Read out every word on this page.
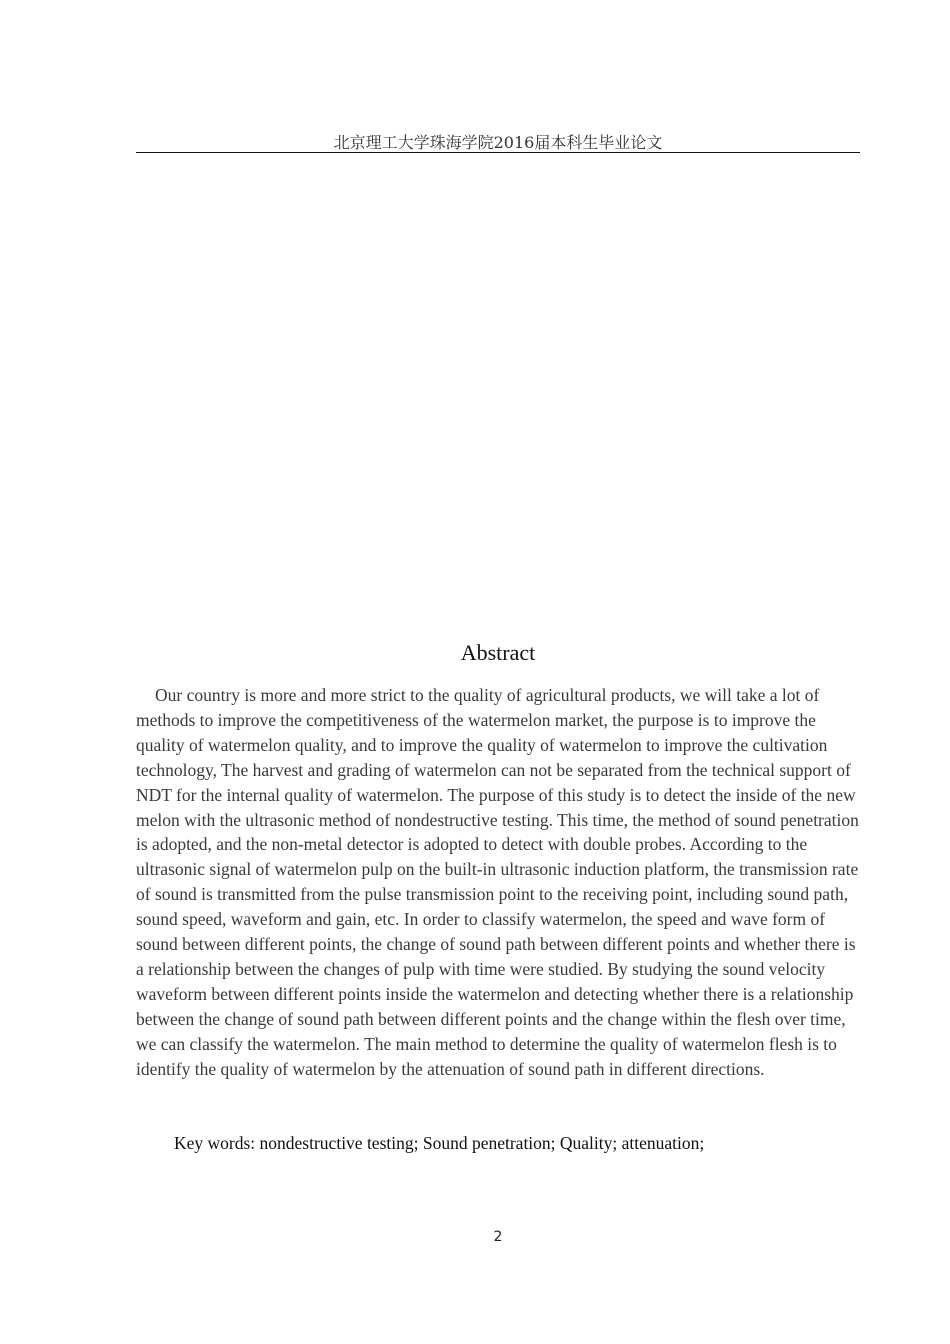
北京理工大学珠海学院2016届本科生毕业论文
Abstract

Our country is more and more strict to the quality of agricultural products, we will take a lot of methods to improve the competitiveness of the watermelon market, the purpose is to improve the quality of watermelon quality, and to improve the quality of watermelon to improve the cultivation technology, The harvest and grading of watermelon can not be separated from the technical support of NDT for the internal quality of watermelon. The purpose of this study is to detect the inside of the new melon with the ultrasonic method of nondestructive testing. This time, the method of sound penetration is adopted, and the non-metal detector is adopted to detect with double probes. According to the ultrasonic signal of watermelon pulp on the built-in ultrasonic induction platform, the transmission rate of sound is transmitted from the pulse transmission point to the receiving point, including sound path, sound speed, waveform and gain, etc. In order to classify watermelon, the speed and wave form of sound between different points, the change of sound path between different points and whether there is a relationship between the changes of pulp with time were studied. By studying the sound velocity waveform between different points inside the watermelon and detecting whether there is a relationship between the change of sound path between different points and the change within the flesh over time, we can classify the watermelon. The main method to determine the quality of watermelon flesh is to identify the quality of watermelon by the attenuation of sound path in different directions.

Key words: nondestructive testing; Sound penetration; Quality; attenuation;

2
